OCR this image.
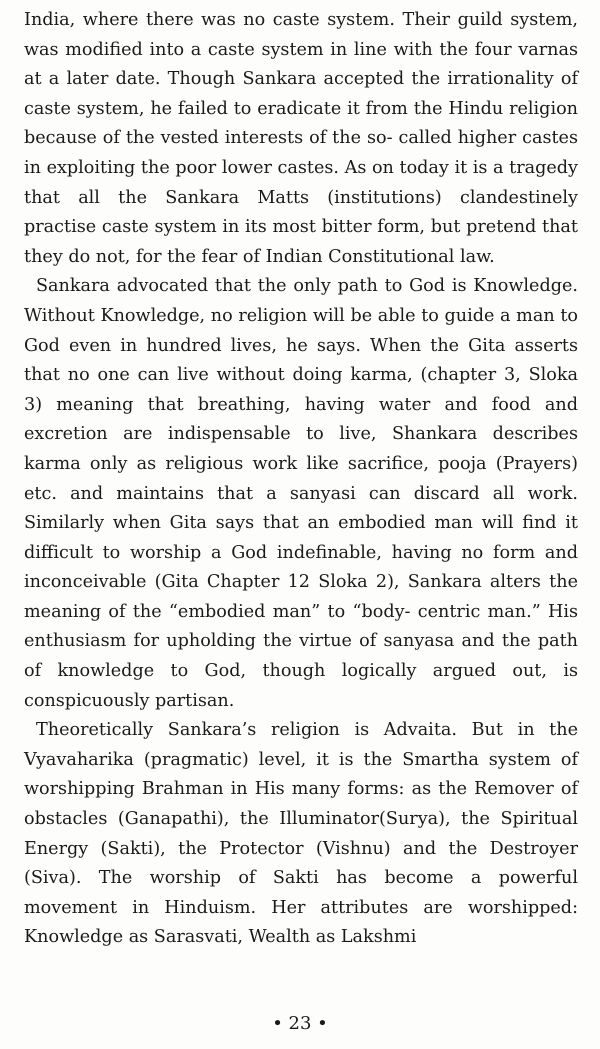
India, where there was no caste system. Their guild system, was modified into a caste system in line with the four varnas at a later date. Though Sankara accepted the irrationality of caste system, he failed to eradicate it from the Hindu religion because of the vested interests of the so- called higher castes in exploiting the poor lower castes. As on today it is a tragedy that all the Sankara Matts (institutions) clandestinely practise caste system in its most bitter form, but pretend that they do not, for the fear of Indian Constitutional law.

Sankara advocated that the only path to God is Knowledge. Without Knowledge, no religion will be able to guide a man to God even in hundred lives, he says. When the Gita asserts that no one can live without doing karma, (chapter 3, Sloka 3) meaning that breathing, having water and food and excretion are indispensable to live, Shankara describes karma only as religious work like sacrifice, pooja (Prayers) etc. and maintains that a sanyasi can discard all work. Similarly when Gita says that an embodied man will find it difficult to worship a God indefinable, having no form and inconceivable (Gita Chapter 12 Sloka 2), Sankara alters the meaning of the “embodied man” to “body- centric man.” His enthusiasm for upholding the virtue of sanyasa and the path of knowledge to God, though logically argued out, is conspicuously partisan.

Theoretically Sankara’s religion is Advaita. But in the Vyavaharika (pragmatic) level, it is the Smartha system of worshipping Brahman in His many forms: as the Remover of obstacles (Ganapathi), the Illuminator(Surya), the Spiritual Energy (Sakti), the Protector (Vishnu) and the Destroyer (Siva). The worship of Sakti has become a powerful movement in Hinduism. Her attributes are worshipped: Knowledge as Sarasvati, Wealth as Lakshmi

• 23 •
